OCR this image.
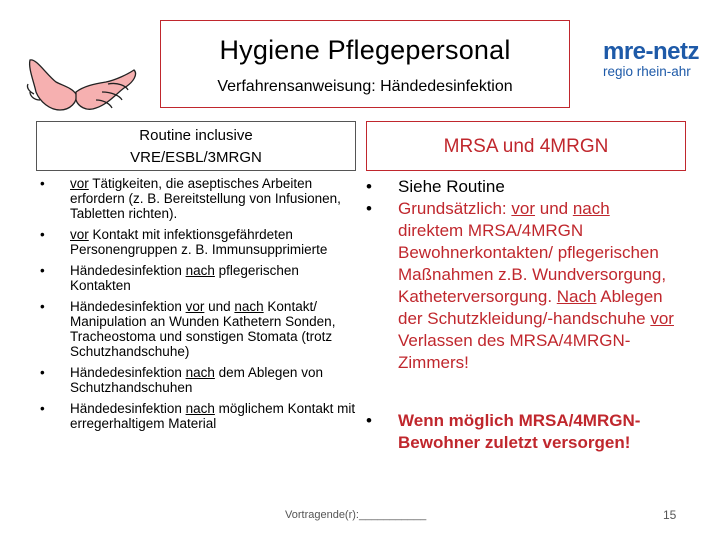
Hygiene Pflegepersonal
Verfahrensanweisung: Händedesinfektion
mre-netz
regio rhein-ahr
Routine inclusive
VRE/ESBL/3MRGN
MRSA und 4MRGN
• vor Tätigkeiten, die aseptisches Arbeiten erfordern (z. B. Bereitstellung von Infusionen, Tabletten richten).
• vor Kontakt mit infektionsgefährdeten Personengruppen z. B. Immunsupprimierte
• Händedesinfektion nach pflegerischen Kontakten
• Händedesinfektion vor und nach Kontakt/ Manipulation an Wunden Kathetern Sonden, Tracheostoma und sonstigen Stomata (trotz Schutzhandschuhe)
• Händedesinfektion nach dem Ablegen von Schutzhandschuhen
• Händedesinfektion nach möglichem Kontakt mit erregerhaltigem Material
• Siehe Routine
• Grundsätzlich: vor und nach direktem MRSA/4MRGN Bewohnerkontakten/ pflegerischen Maßnahmen z.B. Wundversorgung, Katheterversorgung. Nach Ablegen der Schutzkleidung/-handschuhe vor Verlassen des MRSA/4MRGN-Zimmers!
• Wenn möglich MRSA/4MRGN-Bewohner zuletzt versorgen!
Vortragende(r):___________	15
